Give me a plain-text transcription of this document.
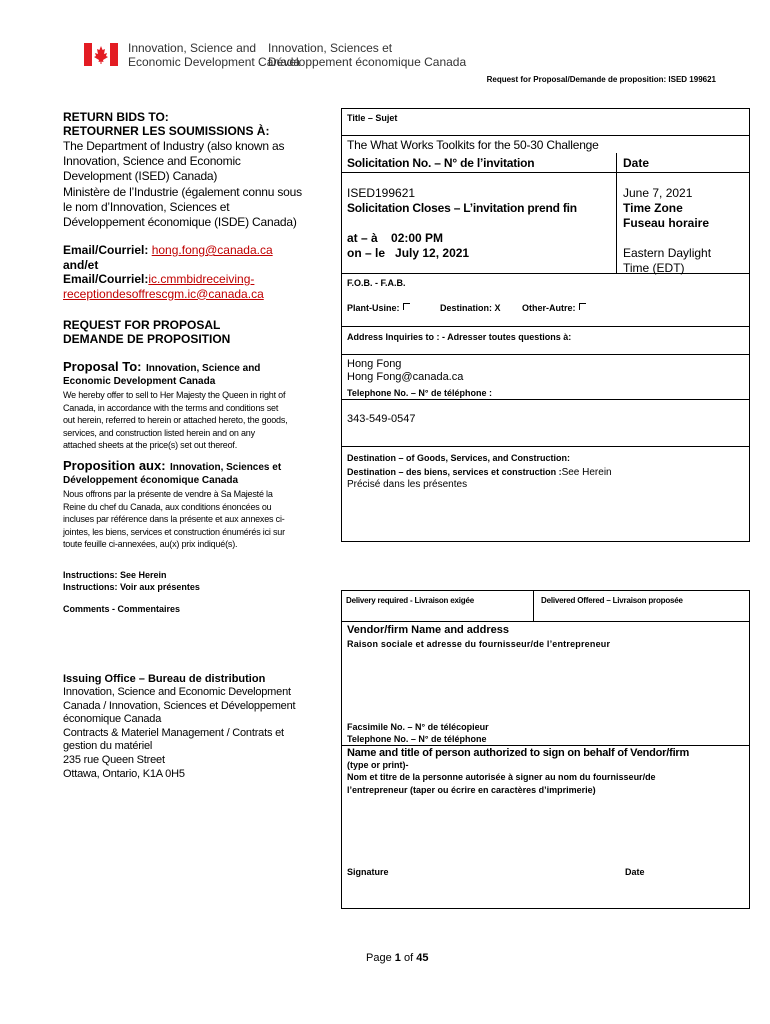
Innovation, Science and
Economic Development Canada
Innovation, Sciences et
Développement économique Canada
Request for Proposal/Demande de proposition: ISED 199621
RETURN BIDS TO:
RETOURNER LES SOUMISSIONS À:
The Department of Industry (also known as
Innovation, Science and Economic
Development (ISED) Canada)
Ministère de l’Industrie (également connu sous
le nom d’Innovation, Sciences et
Développement économique (ISDE) Canada)
Email/Courriel: hong.fong@canada.ca
and/et
Email/Courriel:ic.cmmbidreceiving-
receptiondesoffrescgm.ic@canada.ca
REQUEST FOR PROPOSAL
DEMANDE DE PROPOSITION
Proposal To: Innovation, Science and
Economic Development Canada
We hereby offer to sell to Her Majesty the Queen in right of
Canada, in accordance with the terms and conditions set
out herein, referred to herein or attached hereto, the goods,
services, and construction listed herein and on any
attached sheets at the price(s) set out thereof.
Proposition aux: Innovation, Sciences et
Développement économique Canada
Nous offrons par la présente de vendre à Sa Majesté la
Reine du chef du Canada, aux conditions énoncées ou
incluses par référence dans la présente et aux annexes ci-
jointes, les biens, services et construction énumérés ici sur
toute feuille ci-annexées, au(x) prix indiqué(s).
Instructions: See Herein
Instructions: Voir aux présentes
Comments - Commentaires
Issuing Office – Bureau de distribution
Innovation, Science and Economic Development
Canada / Innovation, Sciences et Développement
économique Canada
Contracts & Materiel Management / Contrats et
gestion du matériel
235 rue Queen Street
Ottawa, Ontario, K1A 0H5
Title – Sujet
The What Works Toolkits for the 50-30 Challenge
Solicitation No. – N° de l’invitation	Date
ISED199621	June 7, 2021
Solicitation Closes – L’invitation prend fin	Time Zone
Fuseau horaire
at – à 02:00 PM
on – le July 12, 2021	Eastern Daylight
Time (EDT)
F.O.B. - F.A.B.
Plant-Usine:	Destination: X Other-Autre:
Address Inquiries to : - Adresser toutes questions à:
Hong Fong
Hong Fong@canada.ca
Telephone No. – N° de téléphone :
343-549-0547
Destination – of Goods, Services, and Construction:
Destination – des biens, services et construction :See Herein
Précisé dans les présentes
Delivery required - Livraison exigée	Delivered Offered – Livraison proposée
Vendor/firm Name and address
Raison sociale et adresse du fournisseur/de l’entrepreneur
Facsimile No. – N° de télécopieur
Telephone No. – N° de téléphone
Name and title of person authorized to sign on behalf of Vendor/firm
(type or print)-
Nom et titre de la personne autorisée à signer au nom du fournisseur/de
l’entrepreneur (taper ou écrire en caractères d’imprimerie)
Signature	Date
Page 1 of 45
